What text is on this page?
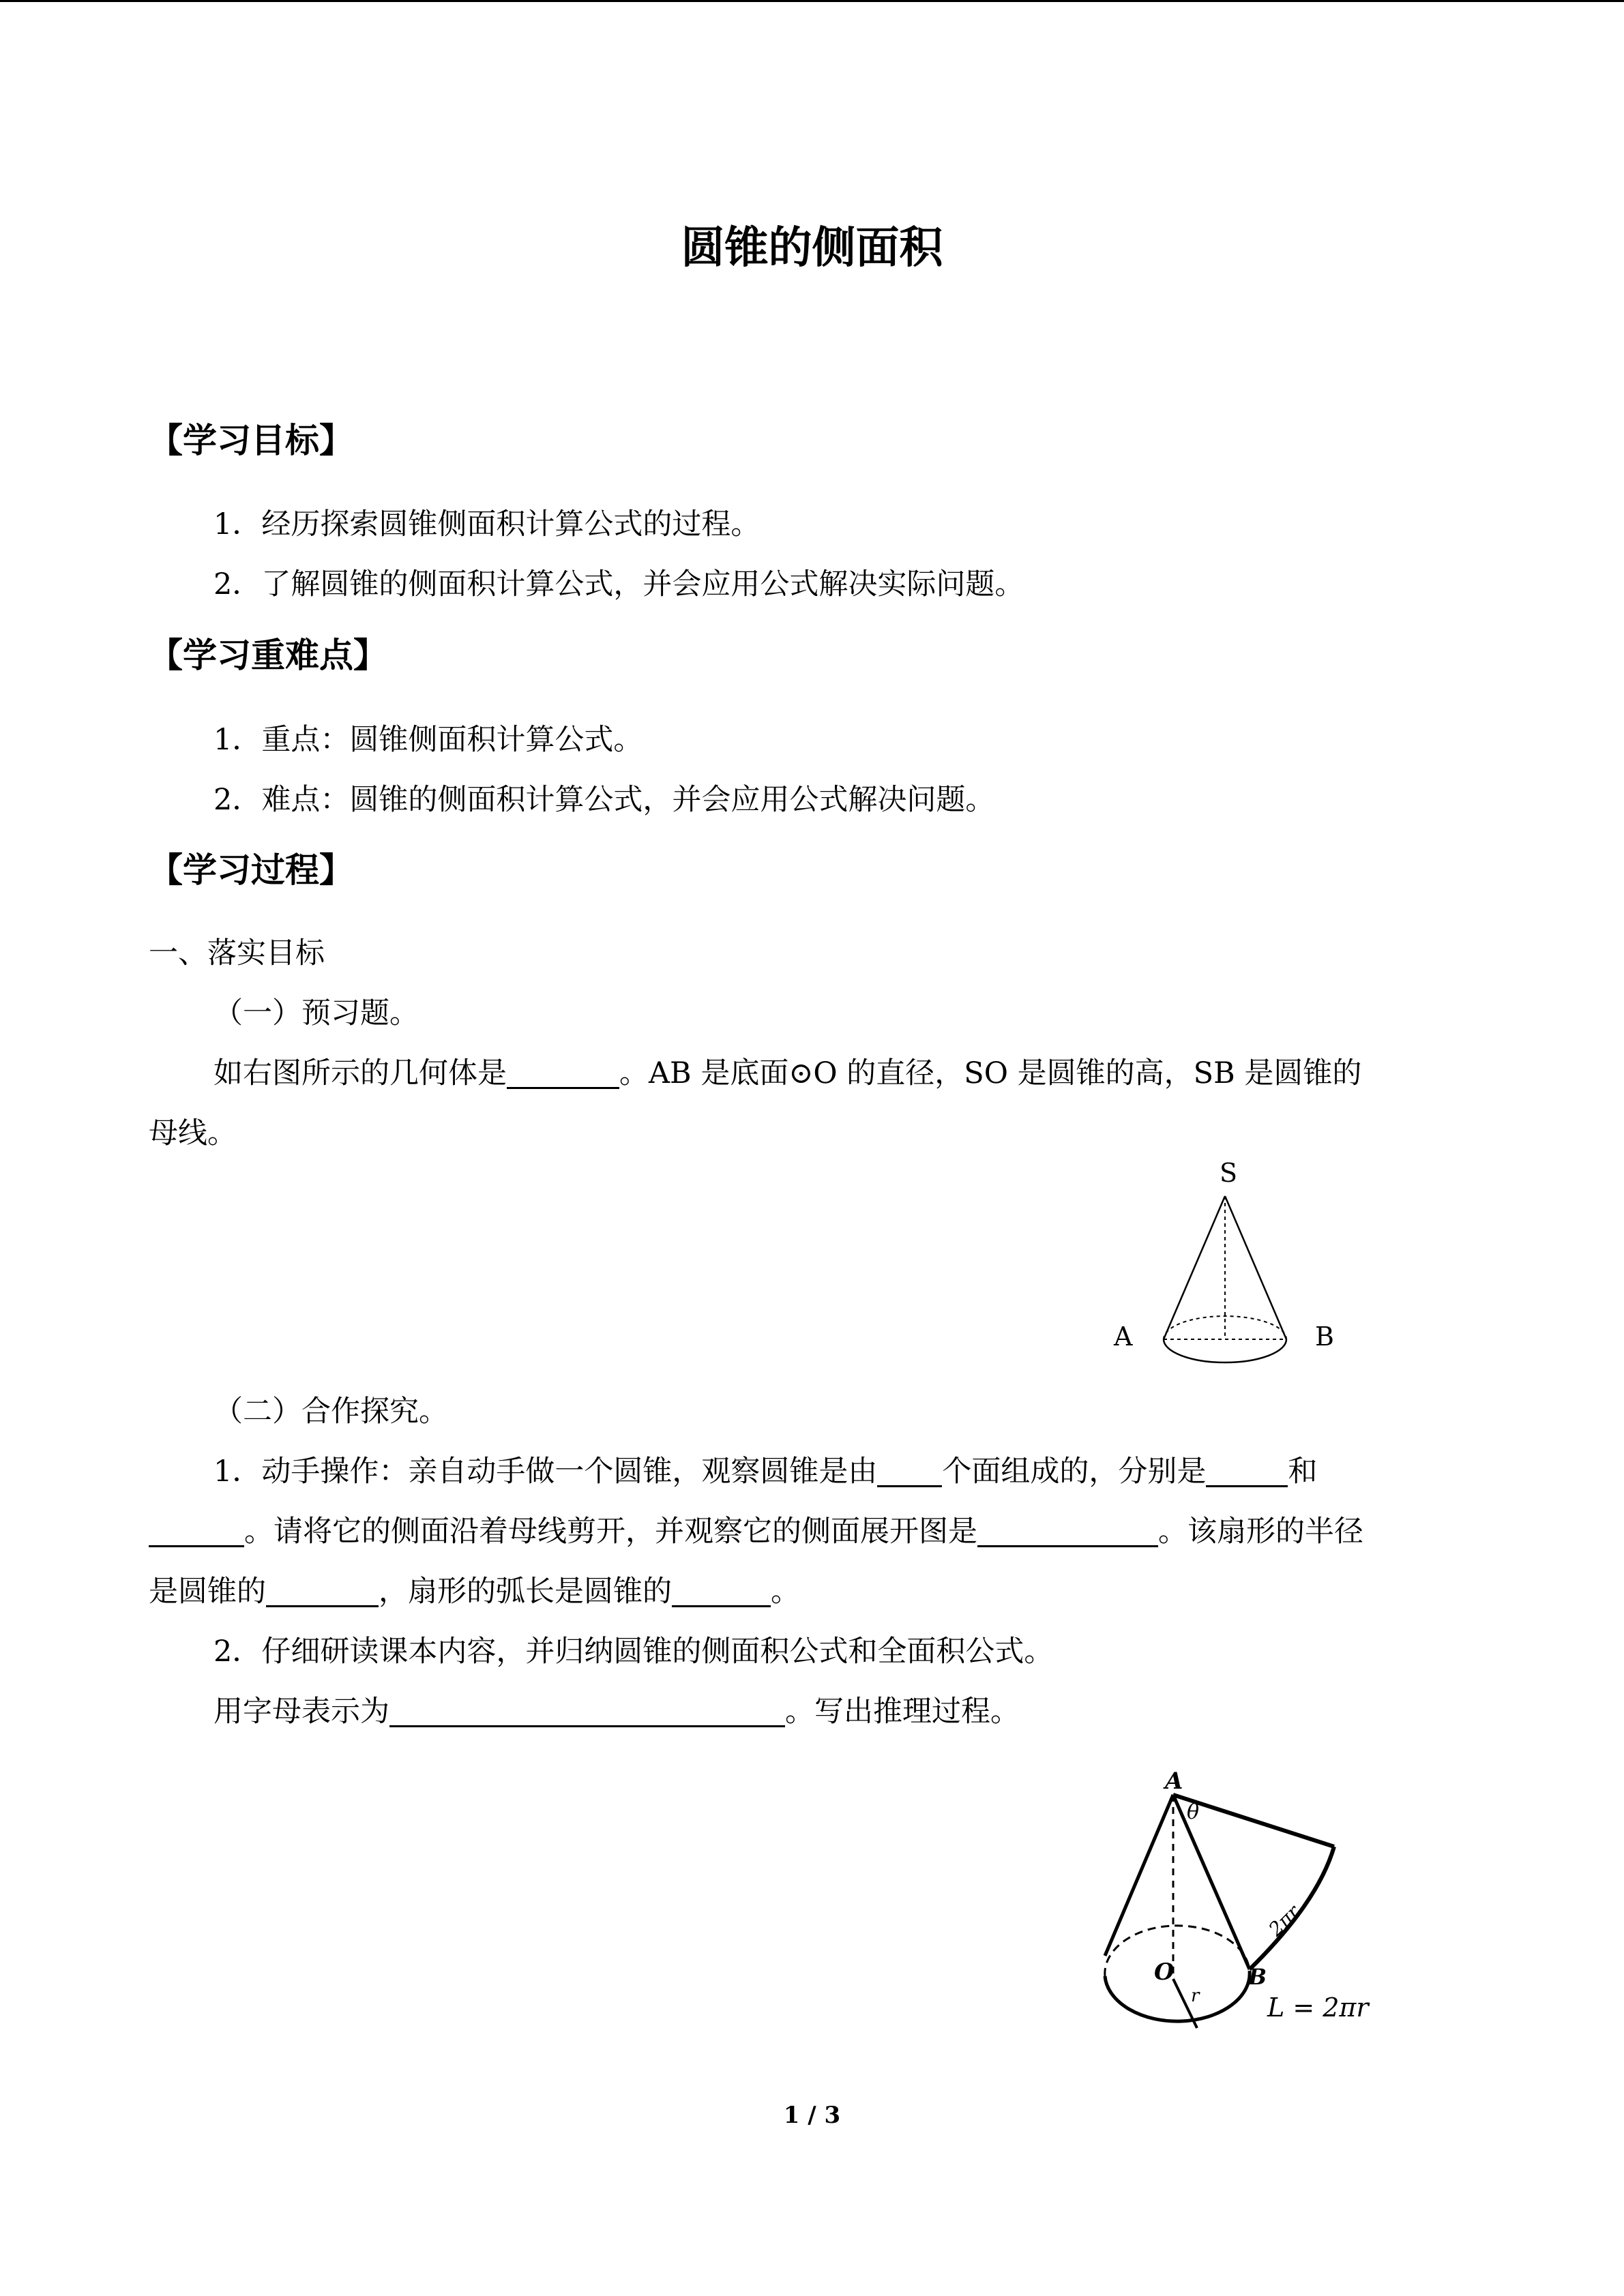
圆锥的侧面积
【学习目标】
1．经历探索圆锥侧面积计算公式的过程。
2．了解圆锥的侧面积计算公式，并会应用公式解决实际问题。
【学习重难点】
1．重点：圆锥侧面积计算公式。
2．难点：圆锥的侧面积计算公式，并会应用公式解决问题。
【学习过程】
一、落实目标
（一）预习题。
如右图所示的几何体是	。AB 是底面⊙O 的直径，SO 是圆锥的高，SB 是圆锥的
母线。
S
A	B
（二）合作探究。
1．动手操作：亲自动手做一个圆锥，观察圆锥是由 个面组成的，分别是	和
。请将它的侧面沿着母线剪开，并观察它的侧面展开图是	。该扇形的半径
是圆锥的	，扇形的弧长是圆锥的	。
2．仔细研读课本内容，并归纳圆锥的侧面积公式和全面积公式。
用字母表示为	。写出推理过程。
A
θ
2πr
O
r
B
L = 2πr
1 / 3
